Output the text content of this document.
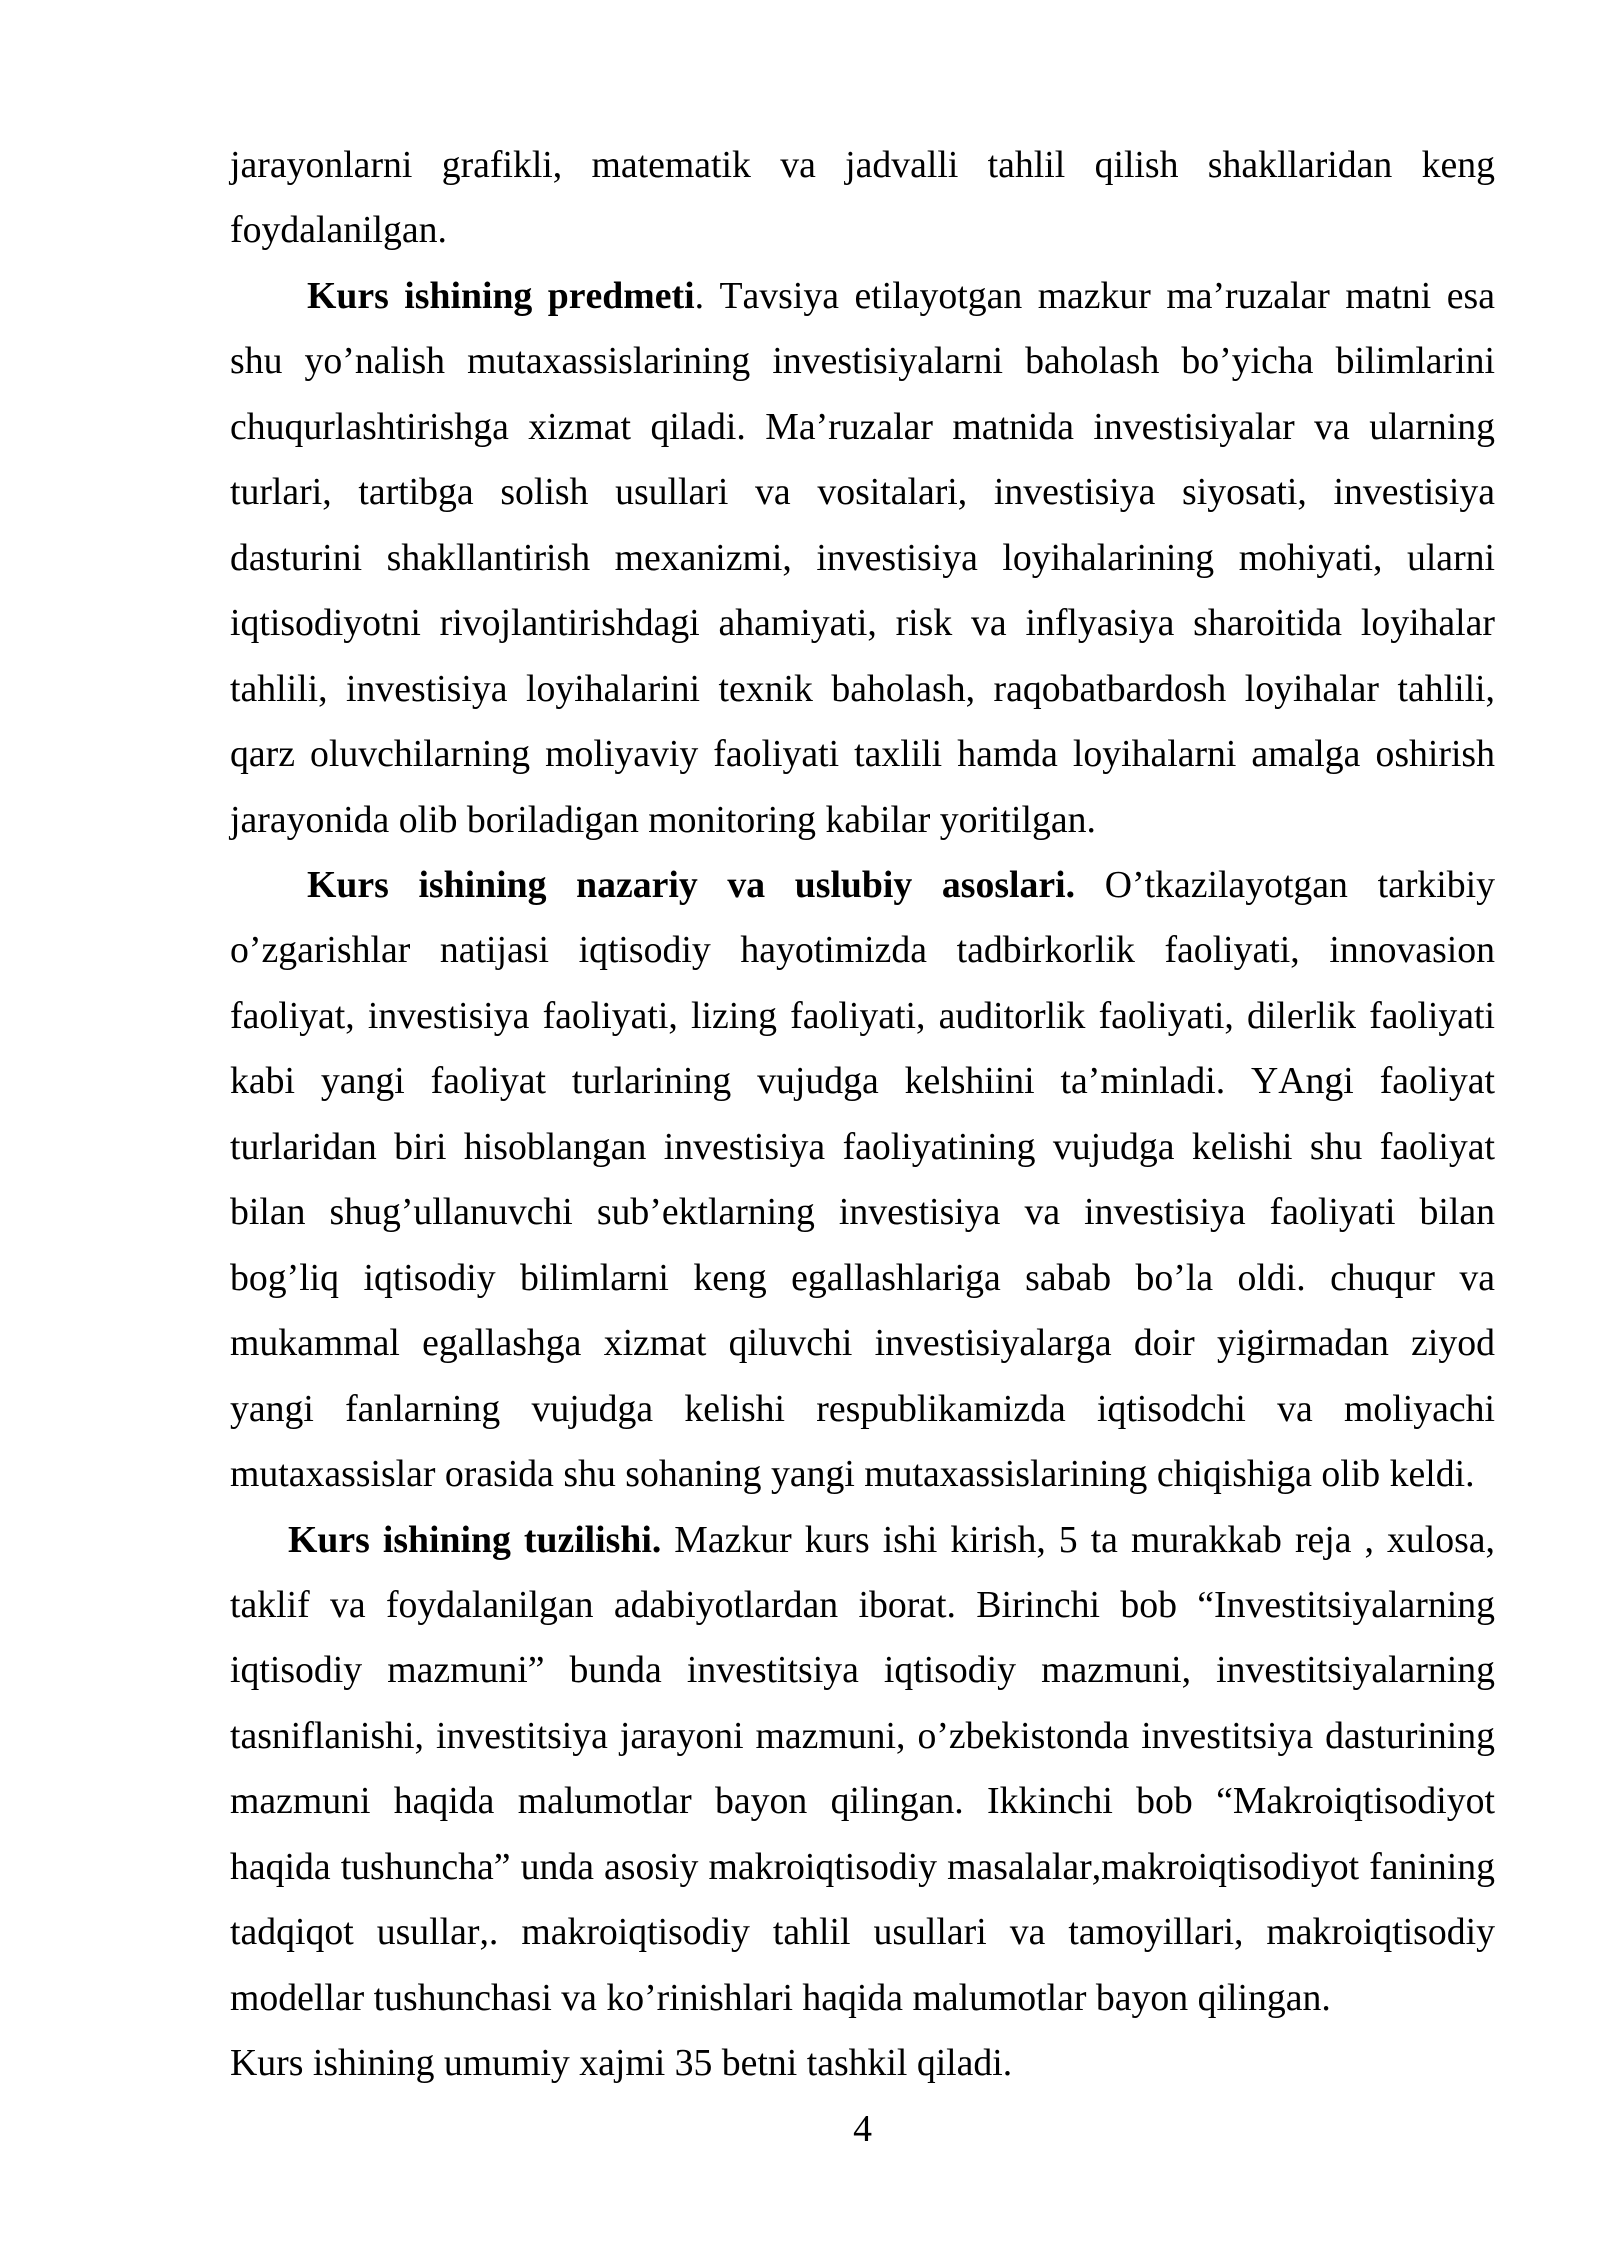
jarayonlarni grafikli, matematik va jadvalli tahlil qilish shakllaridan keng foydalanilgan.

Kurs ishining predmeti. Tavsiya etilayotgan mazkur ma’ruzalar matni esa shu yo’nalish mutaxassislarining investisiyalarni baholash bo’yicha bilimlarini chuqurlashtirishga xizmat qiladi. Ma’ruzalar matnida investisiyalar va ularning turlari, tartibga solish usullari va vositalari, investisiya siyosati, investisiya dasturini shakllantirish mexanizmi, investisiya loyihalarining mohiyati, ularni iqtisodiyotni rivojlantirishdagi ahamiyati, risk va inflyasiya sharoitida loyihalar tahlili, investisiya loyihalarini texnik baholash, raqobatbardosh loyihalar tahlili, qarz oluvchilarning moliyaviy faoliyati taxlili hamda loyihalarni amalga oshirish jarayonida olib boriladigan monitoring kabilar yoritilgan.

Kurs ishining nazariy va uslubiy asoslari. O’tkazilayotgan tarkibiy o’zgarishlar natijasi iqtisodiy hayotimizda tadbirkorlik faoliyati, innovasion faoliyat, investisiya faoliyati, lizing faoliyati, auditorlik faoliyati, dilerlik faoliyati kabi yangi faoliyat turlarining vujudga kelshiini ta’minladi. YAngi faoliyat turlaridan biri hisoblangan investisiya faoliyatining vujudga kelishi shu faoliyat bilan shug’ullanuvchi sub’ektlarning investisiya va investisiya faoliyati bilan bog’liq iqtisodiy bilimlarni keng egallashlariga sabab bo’la oldi. chuqur va mukammal egallashga xizmat qiluvchi investisiyalarga doir yigirmadan ziyod yangi fanlarning vujudga kelishi respublikamizda iqtisodchi va moliyachi mutaxassislar orasida shu sohaning yangi mutaxassislarining chiqishiga olib keldi.

Kurs ishining tuzilishi. Mazkur kurs ishi kirish, 5 ta murakkab reja , xulosa, taklif va foydalanilgan adabiyotlardan iborat. Birinchi bob “Investitsiyalarning iqtisodiy mazmuni” bunda investitsiya iqtisodiy mazmuni, investitsiyalarning tasniflanishi, investitsiya jarayoni mazmuni, o’zbekistonda investitsiya dasturining mazmuni haqida malumotlar bayon qilingan. Ikkinchi bob “Makroiqtisodiyot haqida tushuncha” unda asosiy makroiqtisodiy masalalar,makroiqtisodiyot fanining tadqiqot usullar,. makroiqtisodiy tahlil usullari va tamoyillari, makroiqtisodiy modellar tushunchasi va ko’rinishlari haqida malumotlar bayon qilingan.

Kurs ishining umumiy xajmi 35 betni tashkil qiladi.

4
